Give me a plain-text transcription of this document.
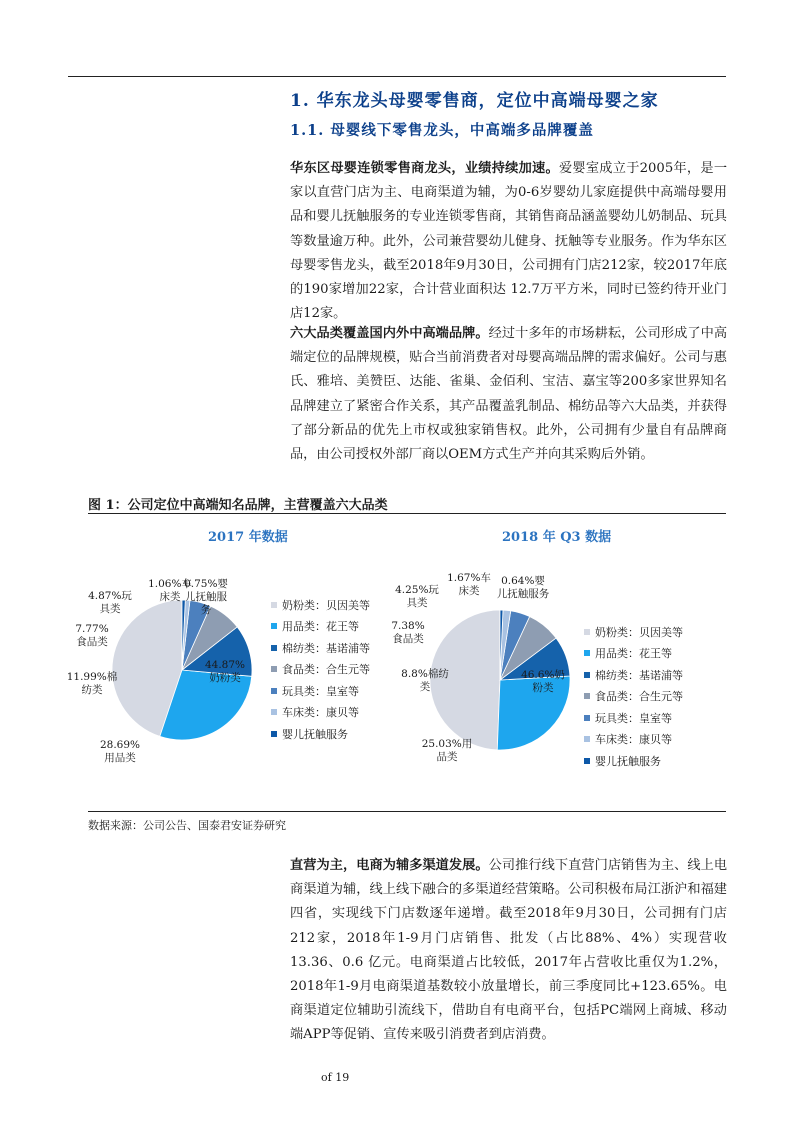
1. 华东龙头母婴零售商，定位中高端母婴之家
1.1. 母婴线下零售龙头，中高端多品牌覆盖
华东区母婴连锁零售商龙头，业绩持续加速。爱婴室成立于2005年，是一家以直营门店为主、电商渠道为辅，为0-6岁婴幼儿家庭提供中高端母婴用品和婴儿抚触服务的专业连锁零售商，其销售商品涵盖婴幼儿奶制品、玩具等数量逾万种。此外，公司兼营婴幼儿健身、抚触等专业服务。作为华东区母婴零售龙头，截至2018年9月30日，公司拥有门店212家，较2017年底的190家增加22家，合计营业面积达 12.7万平方米，同时已签约待开业门店12家。
六大品类覆盖国内外中高端品牌。经过十多年的市场耕耘，公司形成了中高端定位的品牌规模，贴合当前消费者对母婴高端品牌的需求偏好。公司与惠氏、雅培、美赞臣、达能、雀巢、金佰利、宝洁、嘉宝等200多家世界知名品牌建立了紧密合作关系，其产品覆盖乳制品、棉纺品等六大品类，并获得了部分新品的优先上市权或独家销售权。此外，公司拥有少量自有品牌商品，由公司授权外部厂商以OEM方式生产并向其采购后外销。
图 1：公司定位中高端知名品牌，主营覆盖六大品类
2017 年数据	2018 年 Q3 数据
44.87%奶粉类
28.69%用品类
11.99%棉纺类
7.77%食品类
4.87%玩具类
1.06%车床类
0.75%婴儿抚触服务	奶粉类：贝因美等
用品类：花王等
棉纺类：基诺浦等
食品类：合生元等
玩具类：皇室等
车床类：康贝等
婴儿抚触服务
46.6%奶粉类
25.03%用品类
8.8%棉纺类
7.38%食品类
4.25%玩具类
1.67%车床类
0.64%婴儿抚触服务
奶粉类：贝因美等
用品类：花王等
棉纺类：基诺浦等
食品类：合生元等
玩具类：皇室等
车床类：康贝等
婴儿抚触服务
数据来源：公司公告、国泰君安证券研究
直营为主，电商为辅多渠道发展。公司推行线下直营门店销售为主、线上电商渠道为辅，线上线下融合的多渠道经营策略。公司积极布局江浙沪和福建四省，实现线下门店数逐年递增。截至2018年9月30日，公司拥有门店212家，2018年1-9月门店销售、批发（占比88%、4%）实现营收 13.36、0.6 亿元。电商渠道占比较低，2017年占营收比重仅为1.2%，2018年1-9月电商渠道基数较小放量增长，前三季度同比+123.65%。电商渠道定位辅助引流线下，借助自有电商平台，包括PC端网上商城、移动端APP等促销、宣传来吸引消费者到店消费。
of 19
